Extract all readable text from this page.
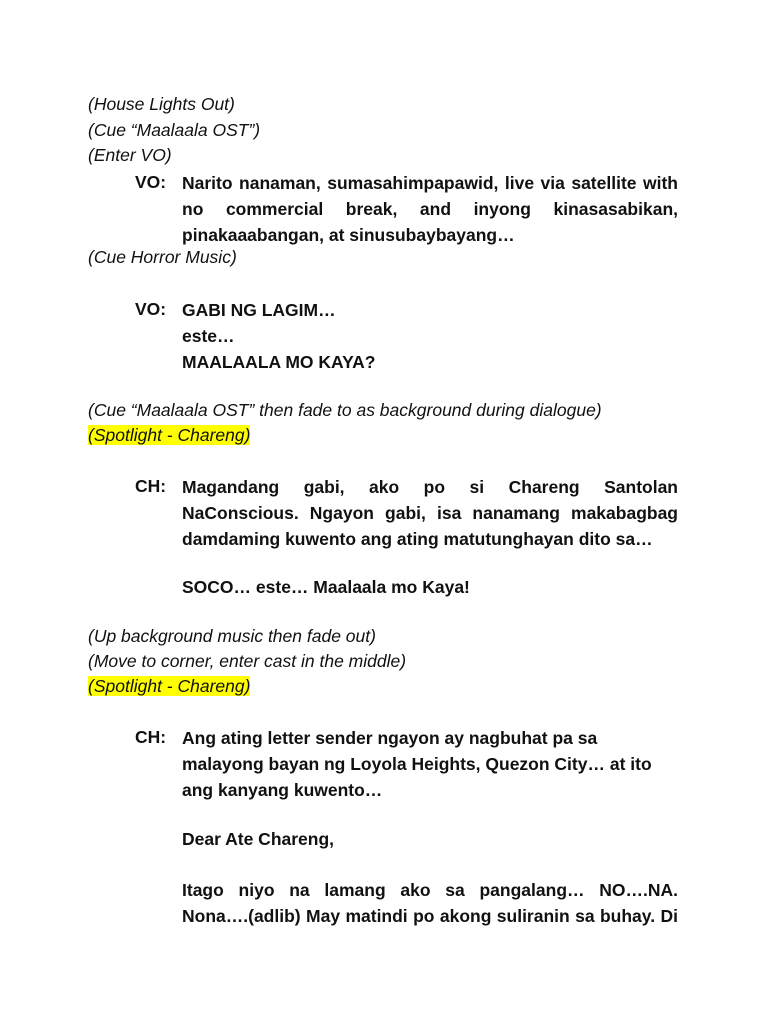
(House Lights Out)
(Cue “Maalaala OST”)
(Enter VO)
VO: Narito nanaman, sumasahimpapawid, live via satellite with no commercial break, and inyong kinasasabikan, pinakaaabangan, at sinusubaybayang…
(Cue Horror Music)
VO: GABI NG LAGIM…

este…

MAALAALA MO KAYA?

(Cue “Maalaala OST” then fade to as background during dialogue)
(Spotlight - Chareng)
CH: Magandang gabi, ako po si Chareng Santolan NaConscious. Ngayon gabi, isa nanamang makabagbag damdaming kuwento ang ating matutunghayan dito sa…
SOCO… este… Maalaala mo Kaya!
(Up background music then fade out)
(Move to corner, enter cast in the middle)
(Spotlight - Chareng)
CH: Ang ating letter sender ngayon ay nagbuhat pa sa malayong bayan ng Loyola Heights, Quezon City… at ito ang kanyang kuwento…
Dear Ate Chareng,
Itago niyo na lamang ako sa pangalang… NO….NA. Nona….(adlib) May matindi po akong suliranin sa buhay. Di
